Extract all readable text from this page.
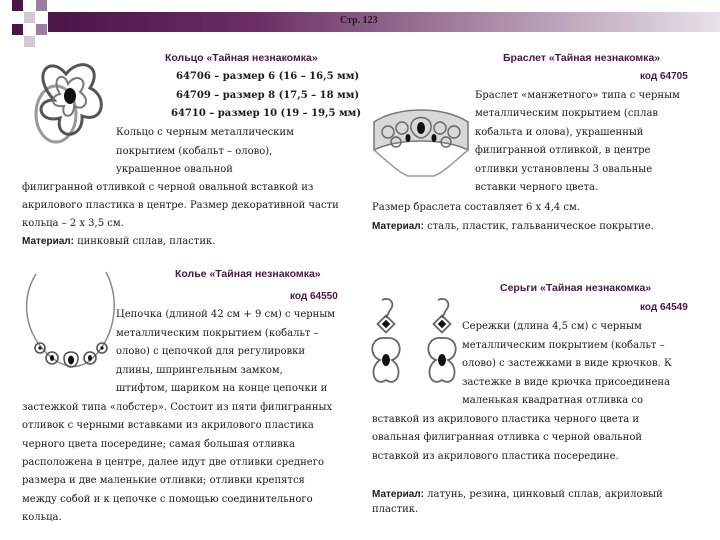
Стр. 123
Кольцо «Тайная незнакомка»
64706 – размер 6 (16 – 16,5 мм)
64709 – размер 8 (17,5 – 18 мм)
64710 – размер 10 (19 – 19,5 мм)
Кольцо с черным металлическим
покрытием (кобальт – олово),
украшенное овальной
филигранной отливкой с черной овальной вставкой из
акрилового пластика в центре. Размер декоративной части
кольца – 2 х 3,5 см.
Материал: цинковый сплав, пластик.
Браслет «Тайная незнакомка»
код 64705
Браслет «манжетного» типа с черным
металлическим покрытием (сплав
кобальта и олова), украшенный
филигранной отливкой, в центре
отливки установлены 3 овальные
вставки черного цвета.
Размер браслета составляет 6 х 4,4 см.
Материал: сталь, пластик, гальваническое покрытие.
Колье «Тайная незнакомка»
код 64550
Цепочка (длиной 42 см + 9 см) с черным
металлическим покрытием (кобальт –
олово) с цепочкой для регулировки
длины, шпрингельным замком,
штифтом, шариком на конце цепочки и
застежкой типа «лобстер». Состоит из пяти филигранных
отливок с черными вставками из акрилового пластика
черного цвета посередине; самая большая отливка
расположена в центре, далее идут две отливки среднего
размера и две маленькие отливки; отливки крепятся
между собой и к цепочке с помощью соединительного
кольца.
Серьги «Тайная незнакомка»
код 64549
Сережки (длина 4,5 см) с черным
металлическим покрытием (кобальт –
олово) с застежками в виде крючков. К
застежке в виде крючка присоединена
маленькая квадратная отливка со
вставкой из акрилового пластика черного цвета и
овальная филигранная отливка с черной овальной
вставкой из акрилового пластика посередине.
Материал: латунь, резина, цинковый сплав, акриловый
пластик.
